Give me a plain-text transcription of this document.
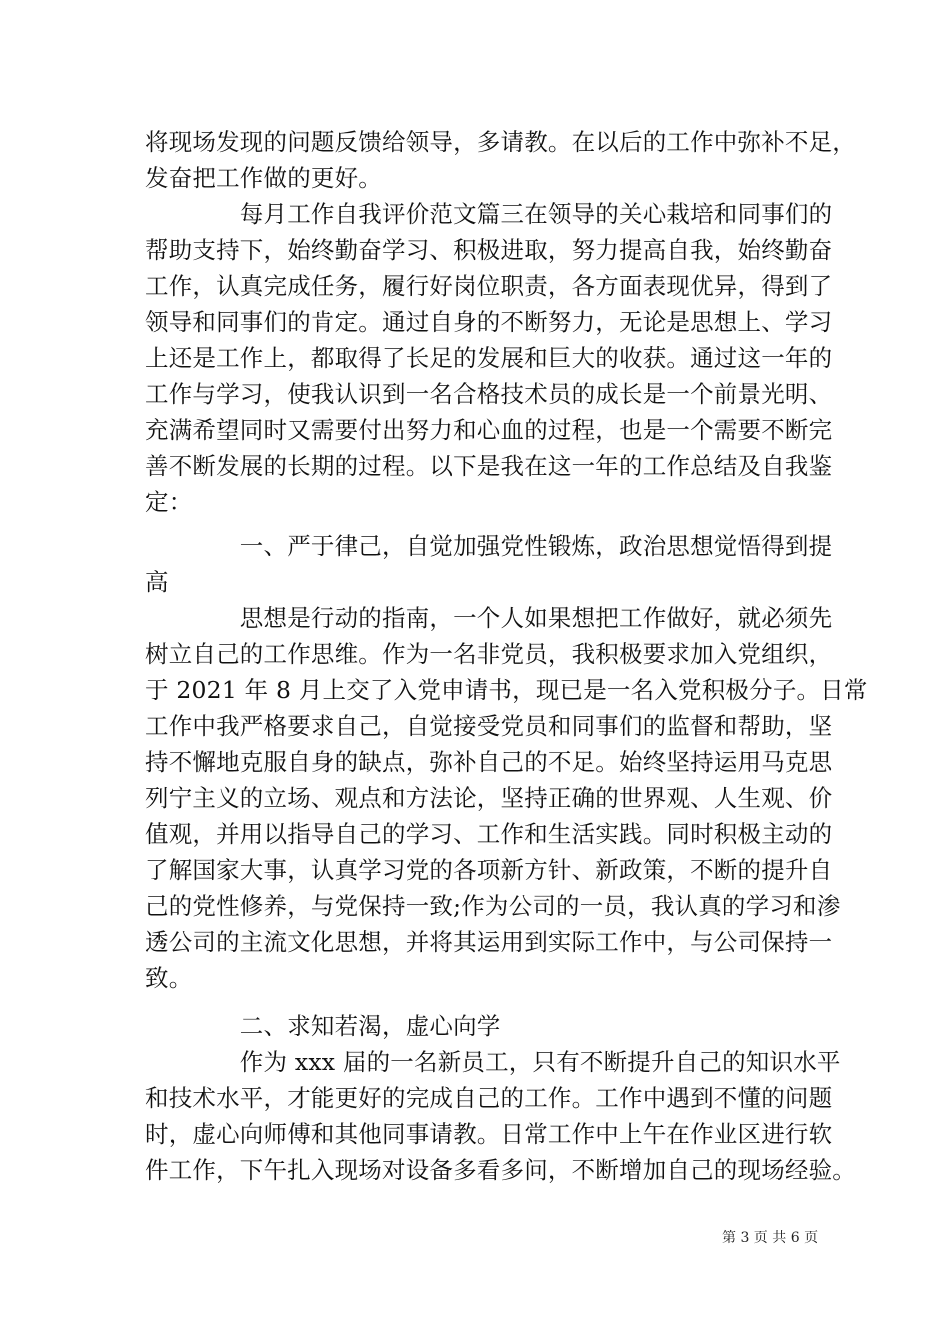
将现场发现的问题反馈给领导，多请教。在以后的工作中弥补不足，
发奋把工作做的更好。
　　　　每月工作自我评价范文篇三在领导的关心栽培和同事们的
帮助支持下，始终勤奋学习、积极进取，努力提高自我，始终勤奋
工作，认真完成任务，履行好岗位职责，各方面表现优异，得到了
领导和同事们的肯定。通过自身的不断努力，无论是思想上、学习
上还是工作上，都取得了长足的发展和巨大的收获。通过这一年的
工作与学习，使我认识到一名合格技术员的成长是一个前景光明、
充满希望同时又需要付出努力和心血的过程，也是一个需要不断完
善不断发展的长期的过程。以下是我在这一年的工作总结及自我鉴
定：
　　　　一、严于律己，自觉加强党性锻炼，政治思想觉悟得到提
高
　　　　思想是行动的指南，一个人如果想把工作做好，就必须先
树立自己的工作思维。作为一名非党员，我积极要求加入党组织，
于 2021 年 8 月上交了入党申请书，现已是一名入党积极分子。日常
工作中我严格要求自己，自觉接受党员和同事们的监督和帮助，坚
持不懈地克服自身的缺点，弥补自己的不足。始终坚持运用马克思
列宁主义的立场、观点和方法论，坚持正确的世界观、人生观、价
值观，并用以指导自己的学习、工作和生活实践。同时积极主动的
了解国家大事，认真学习党的各项新方针、新政策，不断的提升自
己的党性修养，与党保持一致;作为公司的一员，我认真的学习和渗
透公司的主流文化思想，并将其运用到实际工作中，与公司保持一
致。
　　　　二、求知若渴，虚心向学
　　　　作为 xxx 届的一名新员工，只有不断提升自己的知识水平
和技术水平，才能更好的完成自己的工作。工作中遇到不懂的问题
时，虚心向师傅和其他同事请教。日常工作中上午在作业区进行软
件工作，下午扎入现场对设备多看多问，不断增加自己的现场经验。
第 3 页 共 6 页
